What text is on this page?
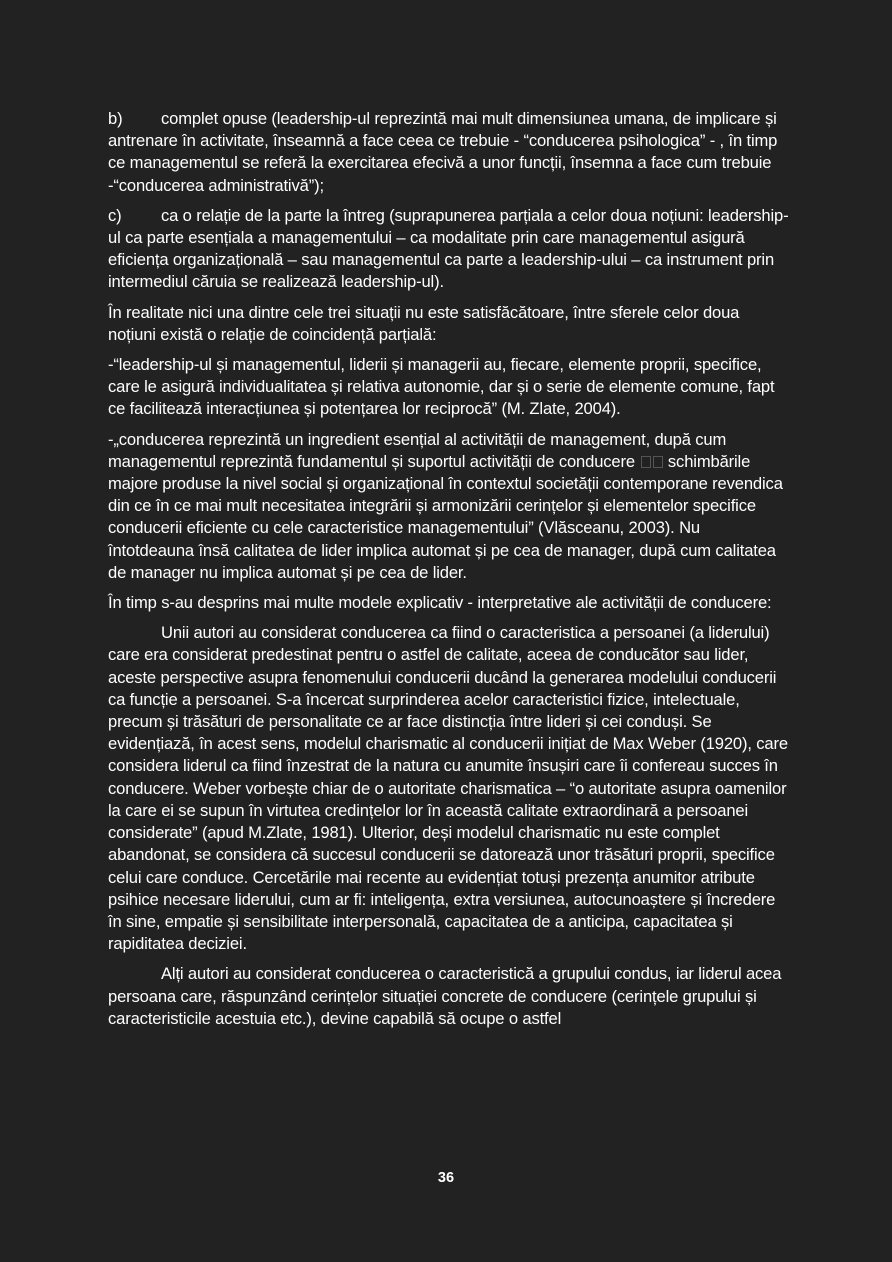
b) complet opuse (leadership-ul reprezintă mai mult dimensiunea umana, de implicare și antrenare în activitate, înseamnă a face ceea ce trebuie - “conducerea psihologica” - , în timp ce managementul se referă la exercitarea efecivă a unor funcții, însemna a face cum trebuie -“conducerea administrativă”);

c) ca o relație de la parte la întreg (suprapunerea parțiala a celor doua noțiuni: leadership-ul ca parte esențiala a managementului – ca modalitate prin care managementul asigură eficiența organizațională – sau managementul ca parte a leadership-ului – ca instrument prin intermediul căruia se realizează leadership-ul).

În realitate nici una dintre cele trei situații nu este satisfăcătoare, între sferele celor doua noțiuni există o relație de coincidență parțială:

-“leadership-ul și managementul, liderii și managerii au, fiecare, elemente proprii, specifice, care le asigură individualitatea și relativa autonomie, dar și o serie de elemente comune, fapt ce facilitează interacțiunea și potențarea lor reciprocă” (M. Zlate, 2004).

-„conducerea reprezintă un ingredient esențial al activității de management, după cum managementul reprezintă fundamentul și suportul activității de conducere schimbările majore produse la nivel social și organizațional în contextul societății contemporane revendica din ce în ce mai mult necesitatea integrării și armonizării cerințelor și elementelor specifice conducerii eficiente cu cele caracteristice managementului” (Vlăsceanu, 2003). Nu întotdeauna însă calitatea de lider implica automat și pe cea de manager, după cum calitatea de manager nu implica automat și pe cea de lider.

În timp s-au desprins mai multe modele explicativ - interpretative ale activității de conducere:

Unii autori au considerat conducerea ca fiind o caracteristica a persoanei (a liderului) care era considerat predestinat pentru o astfel de calitate, aceea de conducător sau lider, aceste perspective asupra fenomenului conducerii ducând la generarea modelului conducerii ca funcție a persoanei. S-a încercat surprinderea acelor caracteristici fizice, intelectuale, precum și trăsături de personalitate ce ar face distincția între lideri și cei conduși. Se evidențiază, în acest sens, modelul charismatic al conducerii inițiat de Max Weber (1920), care considera liderul ca fiind înzestrat de la natura cu anumite însușiri care îi confereau succes în conducere. Weber vorbește chiar de o autoritate charismatica – “o autoritate asupra oamenilor la care ei se supun în virtutea credințelor lor în această calitate extraordinară a persoanei considerate” (apud M.Zlate, 1981). Ulterior, deși modelul charismatic nu este complet abandonat, se considera că succesul conducerii se datorează unor trăsături proprii, specifice celui care conduce. Cercetările mai recente au evidențiat totuși prezența anumitor atribute psihice necesare liderului, cum ar fi: inteligența, extra versiunea, autocunoaștere și încredere în sine, empatie și sensibilitate interpersonală, capacitatea de a anticipa, capacitatea și rapiditatea deciziei.

Alți autori au considerat conducerea o caracteristică a grupului condus, iar liderul acea persoana care, răspunzând cerințelor situației concrete de conducere (cerințele grupului și caracteristicile acestuia etc.), devine capabilă să ocupe o astfel

36
